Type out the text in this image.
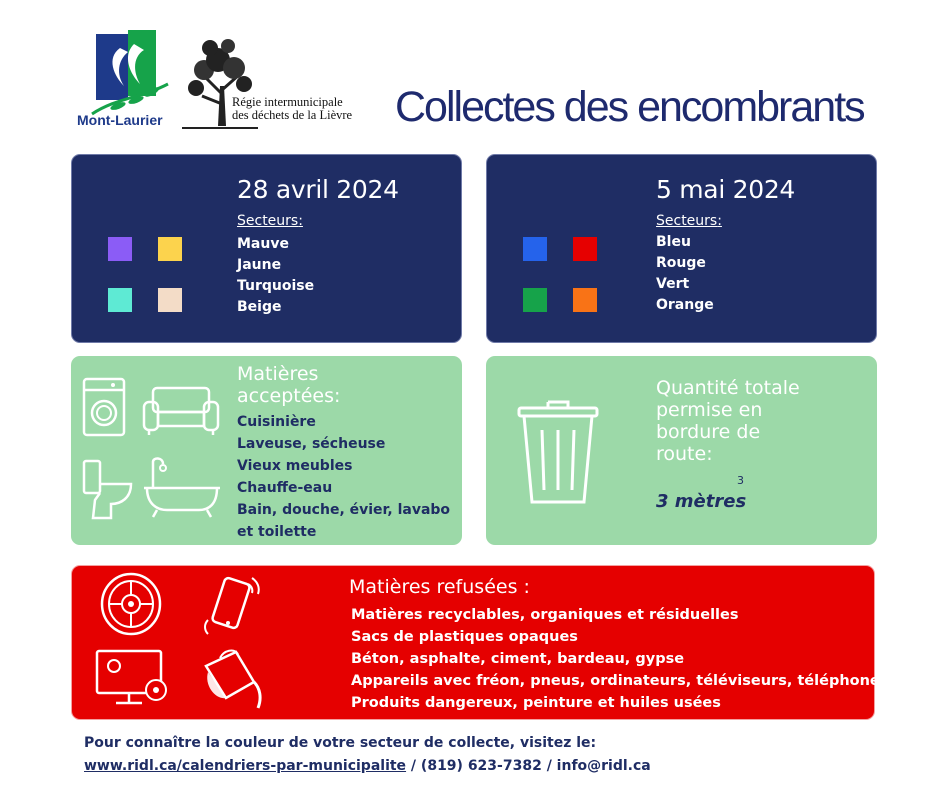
Mont-Laurier
Régie intermunicipale
des déchets de la Lièvre Collectes des encombrants
28 avril 2024
Secteurs:
Mauve
Jaune
Turquoise
Beige
5 mai 2024
Secteurs:
Bleu
Rouge
Vert
Orange
Matières
acceptées:
Cuisinière
Laveuse, sécheuse
Vieux meubles
Chauffe-eau
Bain, douche, évier, lavabo
et toilette
Quantité totale
permise en
bordure de
route:
3
3 mètres
Matières refusées :
Matières recyclables, organiques et résiduelles
Sacs de plastiques opaques
Béton, asphalte, ciment, bardeau, gypse
Appareils avec fréon, pneus, ordinateurs, téléviseurs, téléphone
Produits dangereux, peinture et huiles usées
Pour connaître la couleur de votre secteur de collecte, visitez le:
www.ridl.ca/calendriers-par-municipalite / (819) 623-7382 / info@ridl.ca
